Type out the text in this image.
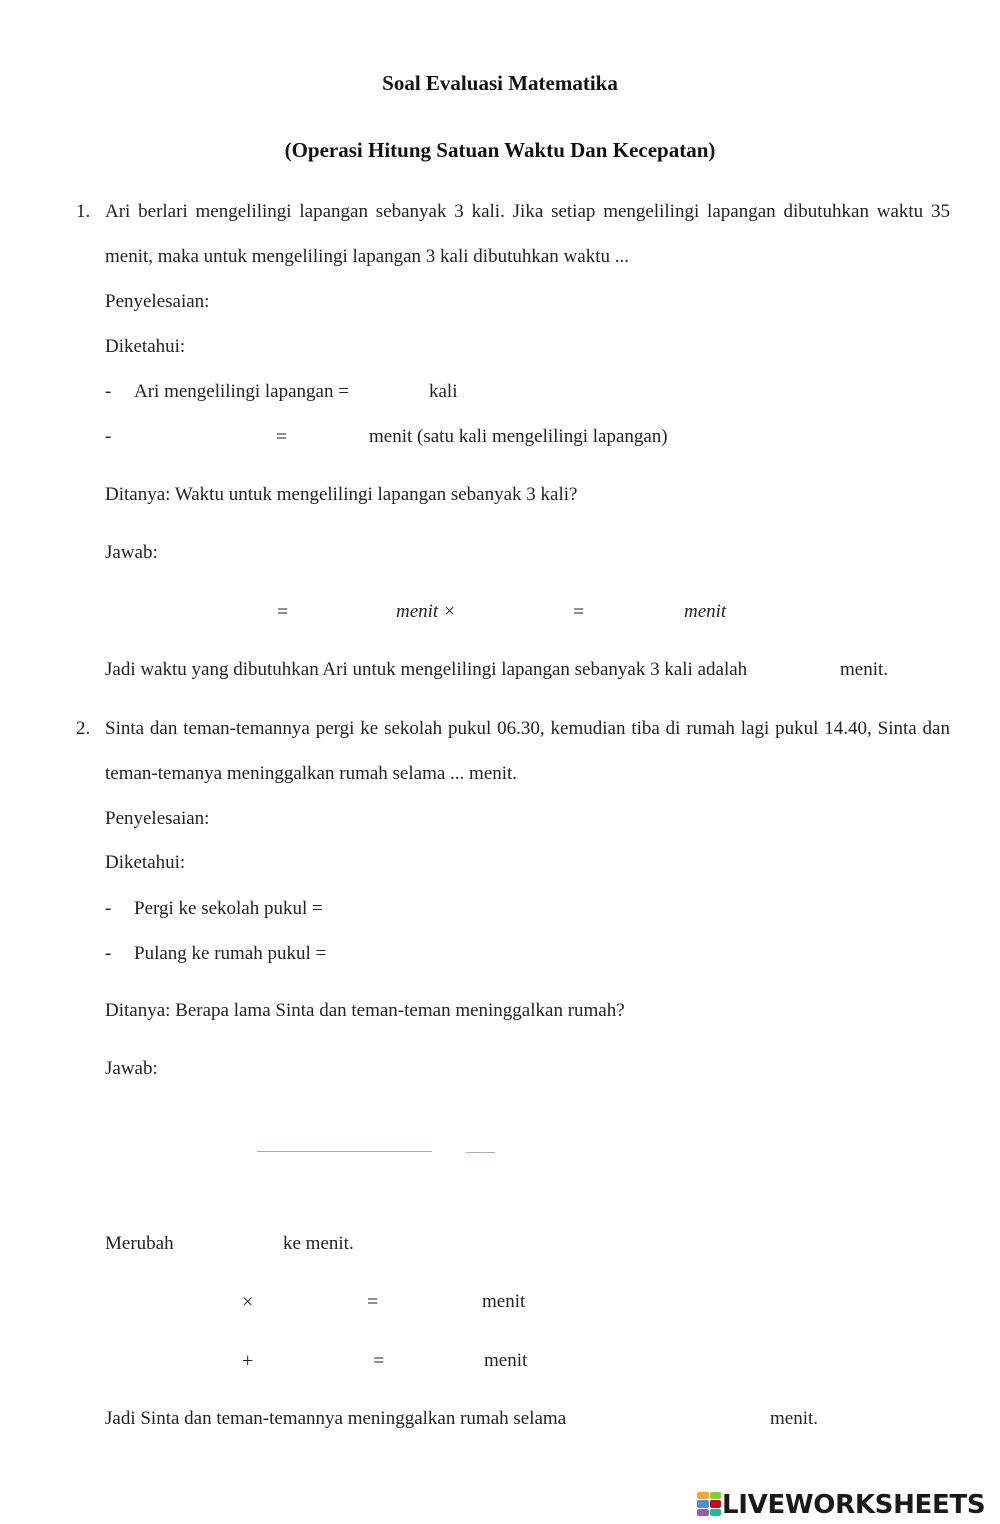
Soal Evaluasi Matematika
(Operasi Hitung Satuan Waktu Dan Kecepatan)
1. Ari berlari mengelilingi lapangan sebanyak 3 kali. Jika setiap mengelilingi lapangan dibutuhkan waktu 35
menit, maka untuk mengelilingi lapangan 3 kali dibutuhkan waktu ...
Penyelesaian:
Diketahui:
- Ari mengelilingi lapangan =	kali
-	=	menit (satu kali mengelilingi lapangan)
Ditanya: Waktu untuk mengelilingi lapangan sebanyak 3 kali?
Jawab:
=	menit ×	=	menit
Jadi waktu yang dibutuhkan Ari untuk mengelilingi lapangan sebanyak 3 kali adalah	menit.
2. Sinta dan teman-temannya pergi ke sekolah pukul 06.30, kemudian tiba di rumah lagi pukul 14.40, Sinta dan
teman-temanya meninggalkan rumah selama ... menit.
Penyelesaian:
Diketahui:
- Pergi ke sekolah pukul =
- Pulang ke rumah pukul =
Ditanya: Berapa lama Sinta dan teman-teman meninggalkan rumah?
Jawab:
Merubah	ke menit.
×	=	menit
+	=	menit
Jadi Sinta dan teman-temannya meninggalkan rumah selama	menit.
LIVEWORKSHEETS
